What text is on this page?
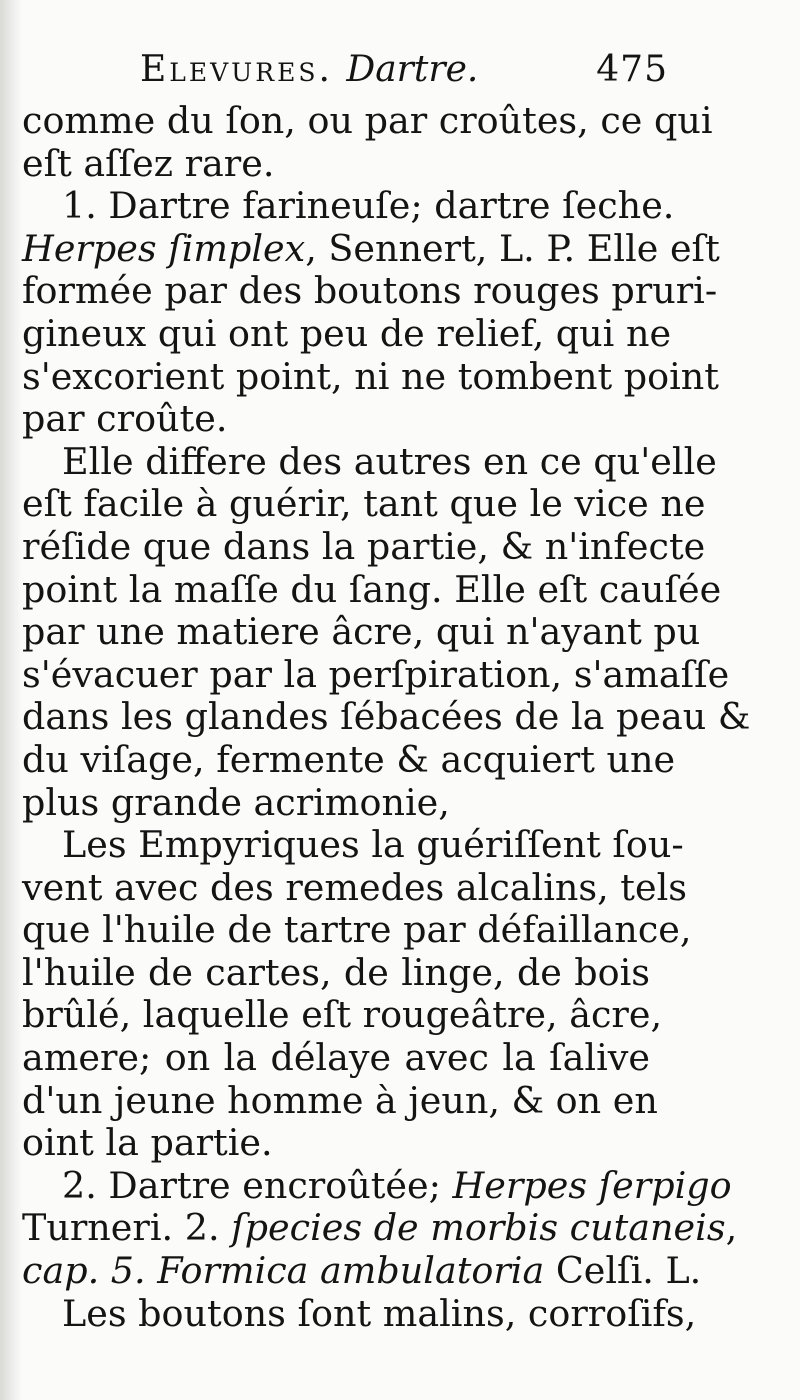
Elevures. Dartre.	475
comme du ſon, ou par croûtes, ce qui
eſt aſſez rare.
1. Dartre farineuſe; dartre ſeche.
Herpes ſimplex, Sennert, L. P. Elle eſt
formée par des boutons rouges pruri-
gineux qui ont peu de relief, qui ne
s'excorient point, ni ne tombent point
par croûte.
Elle differe des autres en ce qu'elle
eſt facile à guérir, tant que le vice ne
réſide que dans la partie, & n'infecte
point la maſſe du ſang. Elle eſt cauſée
par une matiere âcre, qui n'ayant pu
s'évacuer par la perſpiration, s'amaſſe
dans les glandes ſébacées de la peau &
du viſage, fermente & acquiert une
plus grande acrimonie,
Les Empyriques la guériſſent ſou-
vent avec des remedes alcalins, tels
que l'huile de tartre par défaillance,
l'huile de cartes, de linge, de bois
brûlé, laquelle eſt rougeâtre, âcre,
amere; on la délaye avec la ſalive
d'un jeune homme à jeun, & on en
oint la partie.
2. Dartre encroûtée; Herpes ſerpigo
Turneri. 2. ſpecies de morbis cutaneis,
cap. 5. Formica ambulatoria Celſi. L.
Les boutons ſont malins, corroſifs,
